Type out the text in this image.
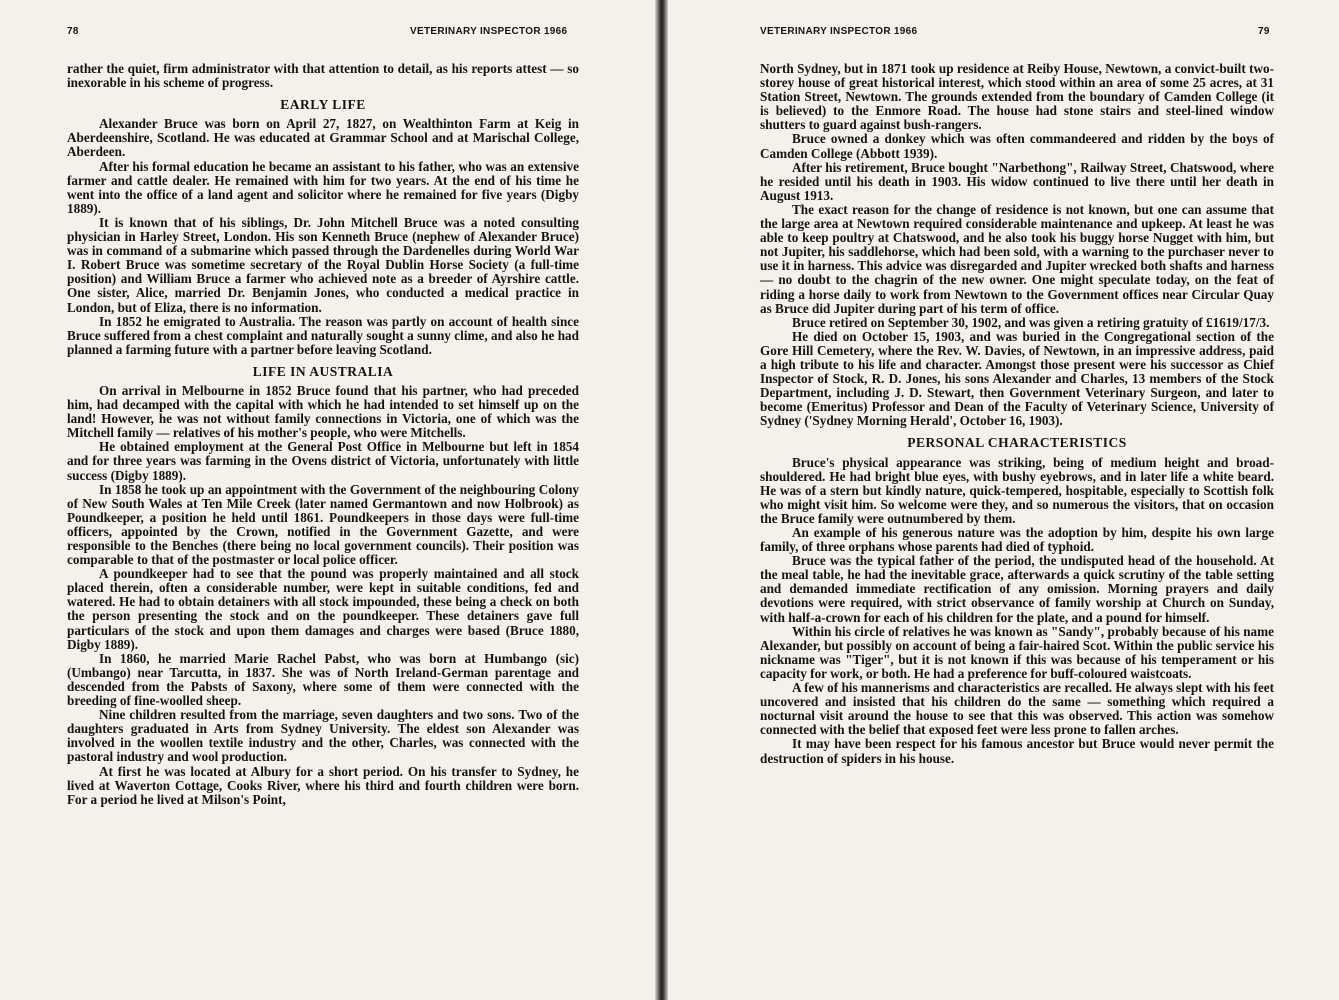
78	VETERINARY INSPECTOR 1966

rather the quiet, firm administrator with that attention to detail, as his reports attest — so inexorable in his scheme of progress.

EARLY LIFE

Alexander Bruce was born on April 27, 1827, on Wealthinton Farm at Keig in Aberdeenshire, Scotland. He was educated at Grammar School and at Marischal College, Aberdeen.

After his formal education he became an assistant to his father, who was an extensive farmer and cattle dealer. He remained with him for two years. At the end of his time he went into the office of a land agent and solicitor where he remained for five years (Digby 1889).

It is known that of his siblings, Dr. John Mitchell Bruce was a noted consulting physician in Harley Street, London. His son Kenneth Bruce (nephew of Alexander Bruce) was in command of a submarine which passed through the Dardenelles during World War I. Robert Bruce was sometime secretary of the Royal Dublin Horse Society (a full-time position) and William Bruce a farmer who achieved note as a breeder of Ayrshire cattle. One sister, Alice, married Dr. Benjamin Jones, who conducted a medical practice in London, but of Eliza, there is no information.

In 1852 he emigrated to Australia. The reason was partly on account of health since Bruce suffered from a chest complaint and naturally sought a sunny clime, and also he had planned a farming future with a partner before leaving Scotland.

LIFE IN AUSTRALIA

On arrival in Melbourne in 1852 Bruce found that his partner, who had preceded him, had decamped with the capital with which he had intended to set himself up on the land! However, he was not without family connections in Victoria, one of which was the Mitchell family — relatives of his mother's people, who were Mitchells.

He obtained employment at the General Post Office in Melbourne but left in 1854 and for three years was farming in the Ovens district of Victoria, unfortunately with little success (Digby 1889).

In 1858 he took up an appointment with the Government of the neighbouring Colony of New South Wales at Ten Mile Creek (later named Germantown and now Holbrook) as Poundkeeper, a position he held until 1861. Poundkeepers in those days were full-time officers, appointed by the Crown, notified in the Government Gazette, and were responsible to the Benches (there being no local government councils). Their position was comparable to that of the postmaster or local police officer.

A poundkeeper had to see that the pound was properly maintained and all stock placed therein, often a considerable number, were kept in suitable conditions, fed and watered. He had to obtain detainers with all stock impounded, these being a check on both the person presenting the stock and on the poundkeeper. These detainers gave full particulars of the stock and upon them damages and charges were based (Bruce 1880, Digby 1889).

In 1860, he married Marie Rachel Pabst, who was born at Humbango (sic) (Umbango) near Tarcutta, in 1837. She was of North Ireland-German parentage and descended from the Pabsts of Saxony, where some of them were connected with the breeding of fine-woolled sheep.

Nine children resulted from the marriage, seven daughters and two sons. Two of the daughters graduated in Arts from Sydney University. The eldest son Alexander was involved in the woollen textile industry and the other, Charles, was connected with the pastoral industry and wool production.

At first he was located at Albury for a short period. On his transfer to Sydney, he lived at Waverton Cottage, Cooks River, where his third and fourth children were born. For a period he lived at Milson's Point,

VETERINARY INSPECTOR 1966	79

North Sydney, but in 1871 took up residence at Reiby House, Newtown, a convict-built two-storey house of great historical interest, which stood within an area of some 25 acres, at 31 Station Street, Newtown. The grounds extended from the boundary of Camden College (it is believed) to the Enmore Road. The house had stone stairs and steel-lined window shutters to guard against bush-rangers.

Bruce owned a donkey which was often commandeered and ridden by the boys of Camden College (Abbott 1939).

After his retirement, Bruce bought "Narbethong", Railway Street, Chatswood, where he resided until his death in 1903. His widow continued to live there until her death in August 1913.

The exact reason for the change of residence is not known, but one can assume that the large area at Newtown required considerable maintenance and upkeep. At least he was able to keep poultry at Chatswood, and he also took his buggy horse Nugget with him, but not Jupiter, his saddlehorse, which had been sold, with a warning to the purchaser never to use it in harness. This advice was disregarded and Jupiter wrecked both shafts and harness — no doubt to the chagrin of the new owner. One might speculate today, on the feat of riding a horse daily to work from Newtown to the Government offices near Circular Quay as Bruce did Jupiter during part of his term of office.

Bruce retired on September 30, 1902, and was given a retiring gratuity of £1619/17/3.

He died on October 15, 1903, and was buried in the Congregational section of the Gore Hill Cemetery, where the Rev. W. Davies, of Newtown, in an impressive address, paid a high tribute to his life and character. Amongst those present were his successor as Chief Inspector of Stock, R. D. Jones, his sons Alexander and Charles, 13 members of the Stock Department, including J. D. Stewart, then Government Veterinary Surgeon, and later to become (Emeritus) Professor and Dean of the Faculty of Veterinary Science, University of Sydney ('Sydney Morning Herald', October 16, 1903).

PERSONAL CHARACTERISTICS

Bruce's physical appearance was striking, being of medium height and broad-shouldered. He had bright blue eyes, with bushy eyebrows, and in later life a white beard. He was of a stern but kindly nature, quick-tempered, hospitable, especially to Scottish folk who might visit him. So welcome were they, and so numerous the visitors, that on occasion the Bruce family were outnumbered by them.

An example of his generous nature was the adoption by him, despite his own large family, of three orphans whose parents had died of typhoid.

Bruce was the typical father of the period, the undisputed head of the household. At the meal table, he had the inevitable grace, afterwards a quick scrutiny of the table setting and demanded immediate rectification of any omission. Morning prayers and daily devotions were required, with strict observance of family worship at Church on Sunday, with half-a-crown for each of his children for the plate, and a pound for himself.

Within his circle of relatives he was known as "Sandy", probably because of his name Alexander, but possibly on account of being a fair-haired Scot. Within the public service his nickname was "Tiger", but it is not known if this was because of his temperament or his capacity for work, or both. He had a preference for buff-coloured waistcoats.

A few of his mannerisms and characteristics are recalled. He always slept with his feet uncovered and insisted that his children do the same — something which required a nocturnal visit around the house to see that this was observed. This action was somehow connected with the belief that exposed feet were less prone to fallen arches.

It may have been respect for his famous ancestor but Bruce would never permit the destruction of spiders in his house.
